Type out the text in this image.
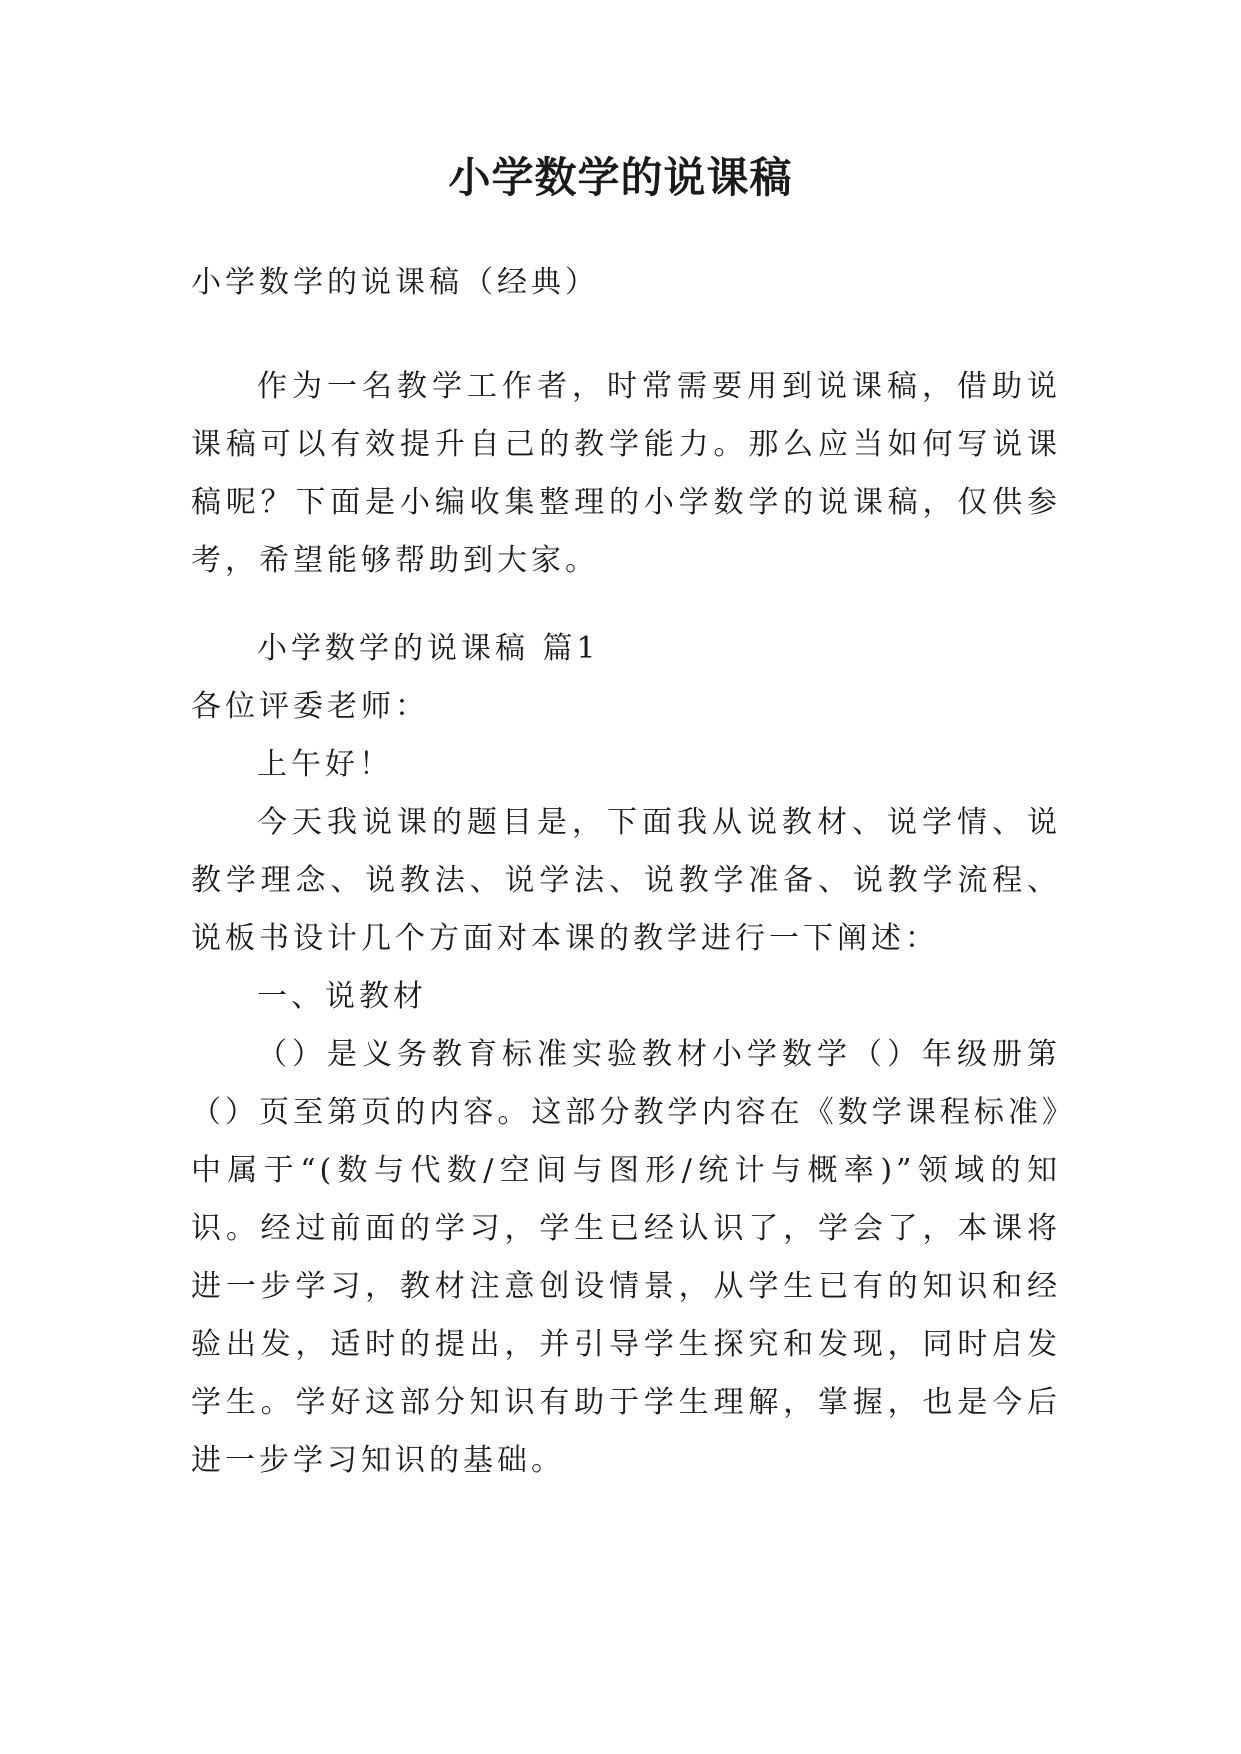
小学数学的说课稿
小学数学的说课稿（经典）

作为一名教学工作者，时常需要用到说课稿，借助说课稿可以有效提升自己的教学能力。那么应当如何写说课稿呢？下面是小编收集整理的小学数学的说课稿，仅供参考，希望能够帮助到大家。

小学数学的说课稿 篇1
各位评委老师：
上午好！

今天我说课的题目是，下面我从说教材、说学情、说教学理念、说教法、说学法、说教学准备、说教学流程、说板书设计几个方面对本课的教学进行一下阐述：

一、说教材

（）是义务教育标准实验教材小学数学（）年级册第（）页至第页的内容。这部分教学内容在《数学课程标准》中属于“(数与代数/空间与图形/统计与概率)”领域的知识。经过前面的学习，学生已经认识了，学会了，本课将进一步学习，教材注意创设情景，从学生已有的知识和经验出发，适时的提出，并引导学生探究和发现，同时启发学生。学好这部分知识有助于学生理解，掌握，也是今后进一步学习知识的基础。
